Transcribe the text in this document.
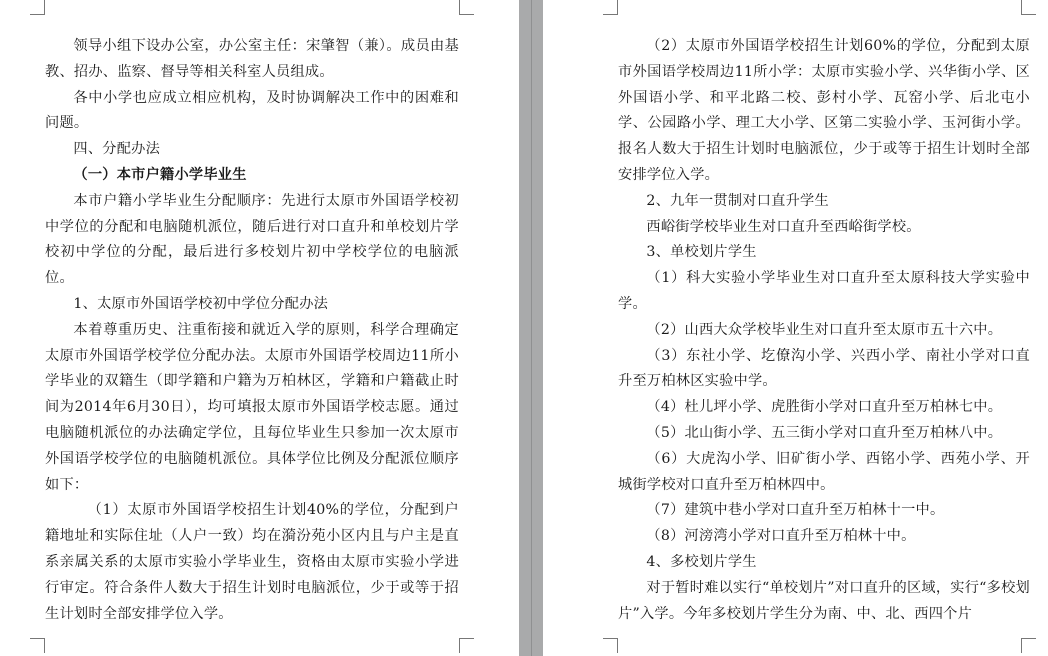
领导小组下设办公室，办公室主任：宋肇智（兼）。成员由基教、招办、监察、督导等相关科室人员组成。

各中小学也应成立相应机构，及时协调解决工作中的困难和问题。

四、分配办法

（一）本市户籍小学毕业生

本市户籍小学毕业生分配顺序：先进行太原市外国语学校初中学位的分配和电脑随机派位，随后进行对口直升和单校划片学校初中学位的分配，最后进行多校划片初中学校学位的电脑派位。

1、太原市外国语学校初中学位分配办法

本着尊重历史、注重衔接和就近入学的原则，科学合理确定太原市外国语学校学位分配办法。太原市外国语学校周边11所小学毕业的双籍生（即学籍和户籍为万柏林区，学籍和户籍截止时间为2014年6月30日），均可填报太原市外国语学校志愿。通过电脑随机派位的办法确定学位，且每位毕业生只参加一次太原市外国语学校学位的电脑随机派位。具体学位比例及分配派位顺序如下：

（1）太原市外国语学校招生计划40%的学位，分配到户籍地址和实际住址（人户一致）均在漪汾苑小区内且与户主是直系亲属关系的太原市实验小学毕业生，资格由太原市实验小学进行审定。符合条件人数大于招生计划时电脑派位，少于或等于招生计划时全部安排学位入学。

（2）太原市外国语学校招生计划60%的学位，分配到太原市外国语学校周边11所小学：太原市实验小学、兴华街小学、区外国语小学、和平北路二校、彭村小学、瓦窑小学、后北屯小学、公园路小学、理工大小学、区第二实验小学、玉河街小学。报名人数大于招生计划时电脑派位，少于或等于招生计划时全部安排学位入学。

2、九年一贯制对口直升学生

西峪街学校毕业生对口直升至西峪街学校。

3、单校划片学生

（1）科大实验小学毕业生对口直升至太原科技大学实验中学。

（2）山西大众学校毕业生对口直升至太原市五十六中。

（3）东社小学、圪僚沟小学、兴西小学、南社小学对口直升至万柏林区实验中学。

（4）杜儿坪小学、虎胜街小学对口直升至万柏林七中。

（5）北山街小学、五三街小学对口直升至万柏林八中。

（6）大虎沟小学、旧矿街小学、西铭小学、西苑小学、开城街学校对口直升至万柏林四中。

（7）建筑中巷小学对口直升至万柏林十一中。

（8）河滂湾小学对口直升至万柏林十中。

4、多校划片学生

对于暂时难以实行“单校划片”对口直升的区域，实行“多校划片”入学。今年多校划片学生分为南、中、北、西四个片
